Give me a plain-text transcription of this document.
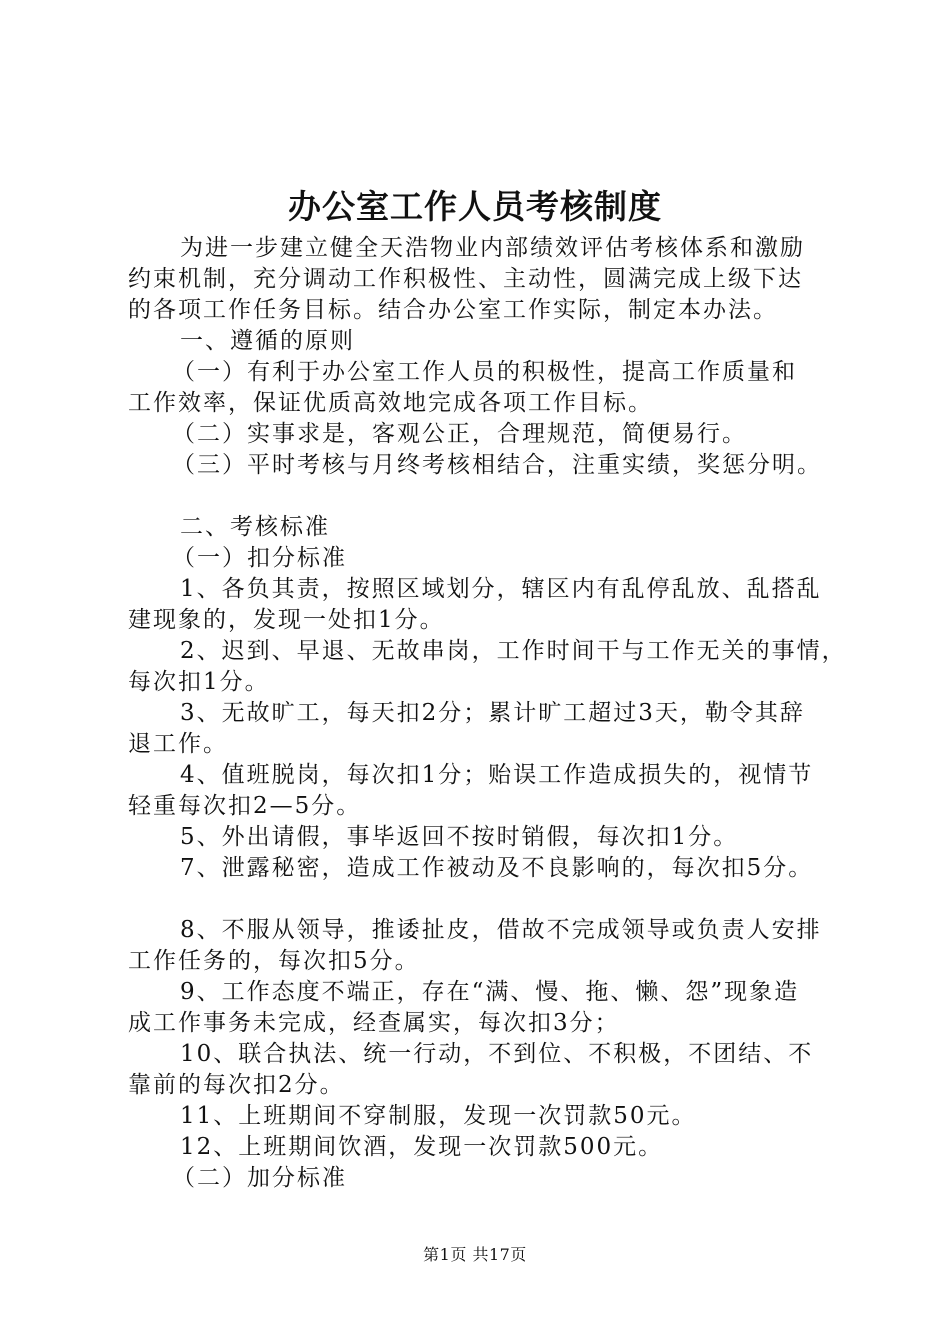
办公室工作人员考核制度

为进一步建立健全天浩物业内部绩效评估考核体系和激励

约束机制，充分调动工作积极性、主动性，圆满完成上级下达

的各项工作任务目标。结合办公室工作实际，制定本办法。

一、遵循的原则

（一）有利于办公室工作人员的积极性，提高工作质量和

工作效率，保证优质高效地完成各项工作目标。

（二）实事求是，客观公正，合理规范，简便易行。

（三）平时考核与月终考核相结合，注重实绩，奖惩分明。

二、考核标准

（一）扣分标准

1、各负其责，按照区域划分，辖区内有乱停乱放、乱搭乱

建现象的，发现一处扣1分。

2、迟到、早退、无故串岗，工作时间干与工作无关的事情，

每次扣1分。

3、无故旷工，每天扣2分；累计旷工超过3天，勒令其辞

退工作。

4、值班脱岗，每次扣1分；贻误工作造成损失的，视情节

轻重每次扣2—5分。

5、外出请假，事毕返回不按时销假，每次扣1分。

7、泄露秘密，造成工作被动及不良影响的，每次扣5分。

8、不服从领导，推诿扯皮，借故不完成领导或负责人安排

工作任务的，每次扣5分。

9、工作态度不端正，存在“满、慢、拖、懒、怨”现象造

成工作事务未完成，经查属实，每次扣3分；

10、联合执法、统一行动，不到位、不积极，不团结、不

靠前的每次扣2分。

11、上班期间不穿制服，发现一次罚款50元。

12、上班期间饮酒，发现一次罚款500元。

（二）加分标准

第1页 共17页
